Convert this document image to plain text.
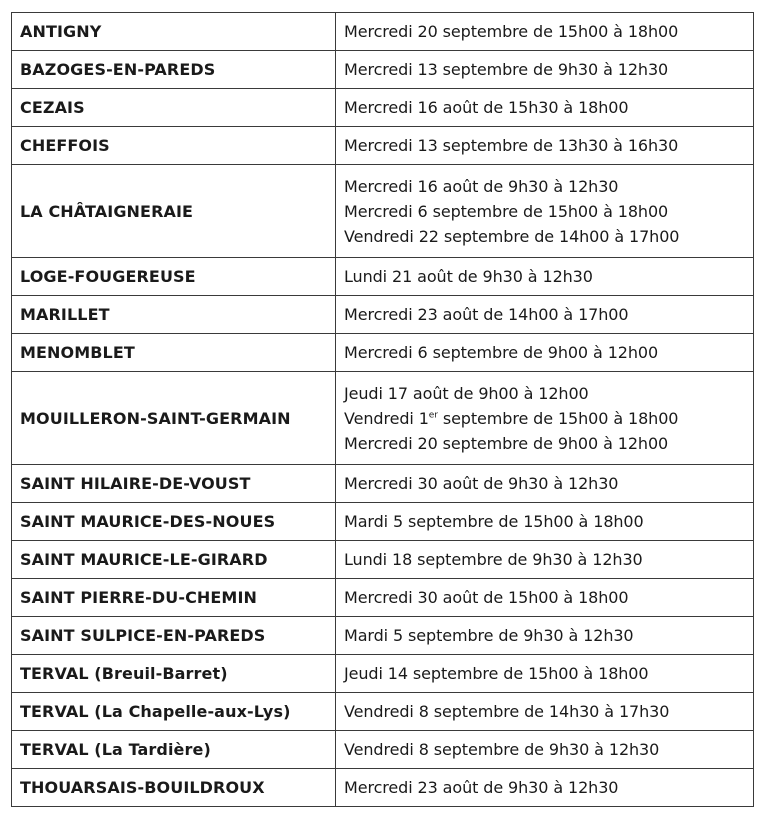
ANTIGNY	Mercredi 20 septembre de 15h00 à 18h00

BAZOGES-EN-PAREDS	Mercredi 13 septembre de 9h30 à 12h30

CEZAIS	Mercredi 16 août de 15h30 à 18h00

CHEFFOIS	Mercredi 13 septembre de 13h30 à 16h30

LA CHÂTAIGNERAIE	Mercredi 16 août de 9h30 à 12h30
Mercredi 6 septembre de 15h00 à 18h00
Vendredi 22 septembre de 14h00 à 17h00

LOGE-FOUGEREUSE	Lundi 21 août de 9h30 à 12h30

MARILLET	Mercredi 23 août de 14h00 à 17h00

MENOMBLET	Mercredi 6 septembre de 9h00 à 12h00

MOUILLERON-SAINT-GERMAIN	Jeudi 17 août de 9h00 à 12h00
Vendredi 1er septembre de 15h00 à 18h00
Mercredi 20 septembre de 9h00 à 12h00

SAINT HILAIRE-DE-VOUST	Mercredi 30 août de 9h30 à 12h30

SAINT MAURICE-DES-NOUES	Mardi 5 septembre de 15h00 à 18h00

SAINT MAURICE-LE-GIRARD	Lundi 18 septembre de 9h30 à 12h30

SAINT PIERRE-DU-CHEMIN	Mercredi 30 août de 15h00 à 18h00

SAINT SULPICE-EN-PAREDS	Mardi 5 septembre de 9h30 à 12h30

TERVAL (Breuil-Barret)	Jeudi 14 septembre de 15h00 à 18h00

TERVAL (La Chapelle-aux-Lys)	Vendredi 8 septembre de 14h30 à 17h30

TERVAL (La Tardière)	Vendredi 8 septembre de 9h30 à 12h30

THOUARSAIS-BOUILDROUX	Mercredi 23 août de 9h30 à 12h30
